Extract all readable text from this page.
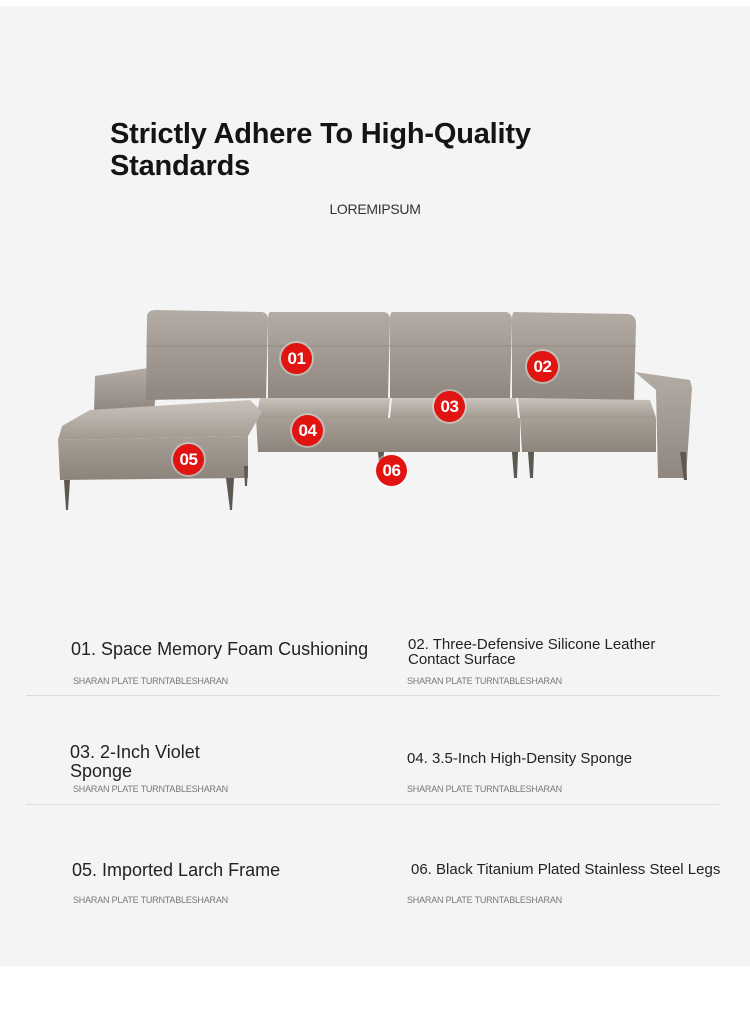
Strictly Adhere To High-Quality Standards
LOREMIPSUM
01	02
03
04
05
06
01. Space Memory Foam Cushioning
SHARAN PLATE TURNTABLESHARAN
02. Three-Defensive Silicone Leather Contact Surface
SHARAN PLATE TURNTABLESHARAN
03. 2-Inch Violet Sponge
SHARAN PLATE TURNTABLESHARAN
04. 3.5-Inch High-Density Sponge
SHARAN PLATE TURNTABLESHARAN
05. Imported Larch Frame
SHARAN PLATE TURNTABLESHARAN
06. Black Titanium Plated Stainless Steel Legs
SHARAN PLATE TURNTABLESHARAN
